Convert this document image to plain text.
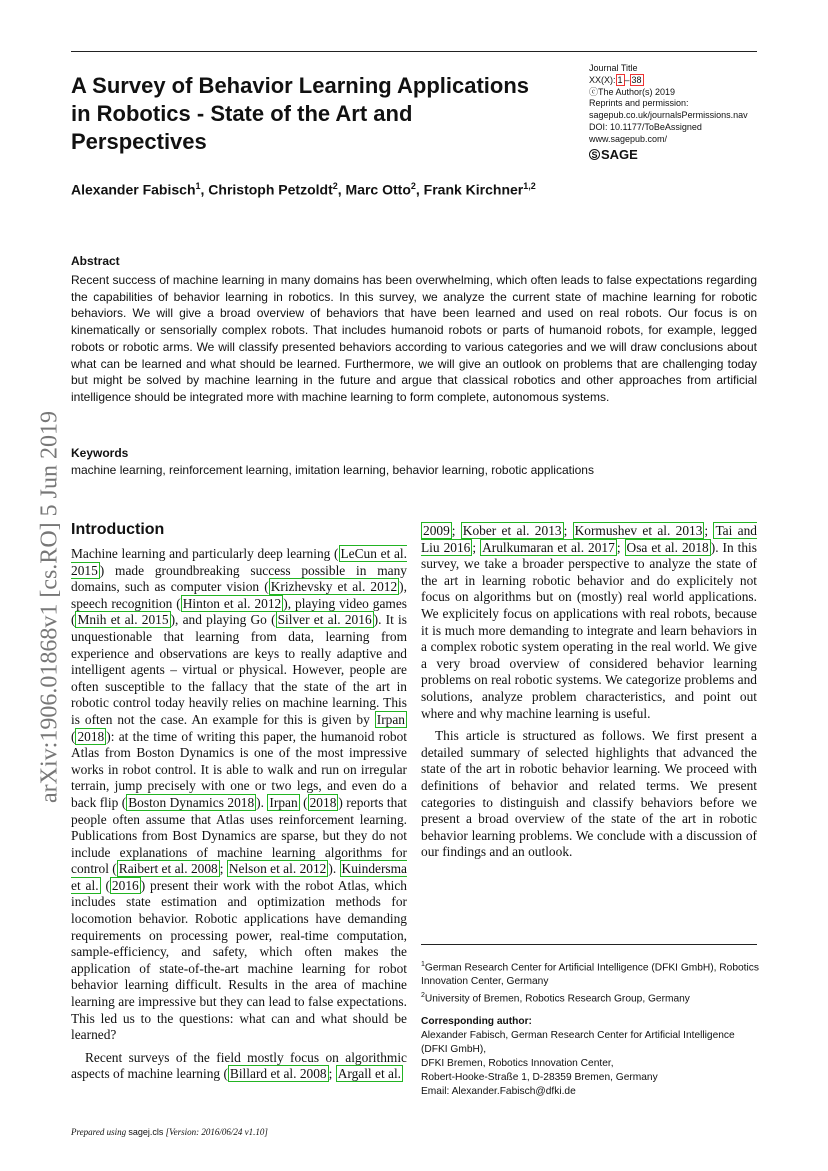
A Survey of Behavior Learning Applications in Robotics - State of the Art and Perspectives
Journal Title
XX(X): 1 – 38
ⓒThe Author(s) 2019
Reprints and permission:
sagepub.co.uk/journalsPermissions.nav
DOI: 10.1177/ToBeAssigned
www.sagepub.com/
S SAGE
Alexander Fabisch$^1$, Christoph Petzoldt$^2$, Marc Otto$^2$, Frank Kirchner$^{1,2}$
Abstract
Recent success of machine learning in many domains has been overwhelming, which often leads to false expectations regarding the capabilities of behavior learning in robotics. In this survey, we analyze the current state of machine learning for robotic behaviors. We will give a broad overview of behaviors that have been learned and used on real robots. Our focus is on kinematically or sensorially complex robots. That includes humanoid robots or parts of humanoid robots, for example, legged robots or robotic arms. We will classify presented behaviors according to various categories and we will draw conclusions about what can be learned and what should be learned. Furthermore, we will give an outlook on problems that are challenging today but might be solved by machine learning in the future and argue that classical robotics and other approaches from artificial intelligence should be integrated more with machine learning to form complete, autonomous systems.
Keywords
machine learning, reinforcement learning, imitation learning, behavior learning, robotic applications
Introduction

Machine learning and particularly deep learning ( LeCun et al. 2015 ) made groundbreaking success possible in many domains, such as computer vision ( Krizhevsky et al. 2012 ), speech recognition ( Hinton et al. 2012 ), playing video games ( Mnih et al. 2015 ), and playing Go ( Silver et al. 2016 ). It is unquestionable that learning from data, learning from experience and observations are keys to really adaptive and intelligent agents – virtual or physical. However, people are often susceptible to the fallacy that the state of the art in robotic control today heavily relies on machine learning. This is often not the case. An example for this is given by Irpan ( 2018 ): at the time of writing this paper, the humanoid robot Atlas from Boston Dynamics is one of the most impressive works in robot control. It is able to walk and run on irregular terrain, jump precisely with one or two legs, and even do a back flip ( Boston Dynamics 2018 ). Irpan ( 2018 ) reports that people often assume that Atlas uses reinforcement learning. Publications from Bost Dynamics are sparse, but they do not include explanations of machine learning algorithms for control ( Raibert et al. 2008 ; Nelson et al. 2012 ). Kuindersma et al. ( 2016 ) present their work with the robot Atlas, which includes state estimation and optimization methods for locomotion behavior. Robotic applications have demanding requirements on processing power, real-time computation, sample-efficiency, and safety, which often makes the application of state-of-the-art machine learning for robot behavior learning difficult. Results in the area of machine learning are impressive but they can lead to false expectations. This led us to the questions: what can and what should be learned?

Recent surveys of the field mostly focus on algorithmic aspects of machine learning ( Billard et al. 2008 ; Argall et al.

2009 ; Kober et al. 2013 ; Kormushev et al. 2013 ; Tai and Liu 2016 ; Arulkumaran et al. 2017 ; Osa et al. 2018 ). In this survey, we take a broader perspective to analyze the state of the art in learning robotic behavior and do explicitely not focus on algorithms but on (mostly) real world applications. We explicitely focus on applications with real robots, because it is much more demanding to integrate and learn behaviors in a complex robotic system operating in the real world. We give a very broad overview of considered behavior learning problems on real robotic systems. We categorize problems and solutions, analyze problem characteristics, and point out where and why machine learning is useful.

This article is structured as follows. We first present a detailed summary of selected highlights that advanced the state of the art in robotic behavior learning. We proceed with definitions of behavior and related terms. We present categories to distinguish and classify behaviors before we present a broad overview of the state of the art in robotic behavior learning problems. We conclude with a discussion of our findings and an outlook.

arXiv:1906.01868v1 [cs.RO] 5 Jun 2019
$^1$German Research Center for Artificial Intelligence (DFKI GmbH), Robotics Innovation Center, Germany
$^2$University of Bremen, Robotics Research Group, Germany
Corresponding author:
Alexander Fabisch, German Research Center for Artificial Intelligence (DFKI GmbH),
DFKI Bremen, Robotics Innovation Center,
Robert-Hooke-Straße 1, D-28359 Bremen, Germany
Email: Alexander.Fabisch@dfki.de
Prepared using sagej.cls [Version: 2016/06/24 v1.10]
